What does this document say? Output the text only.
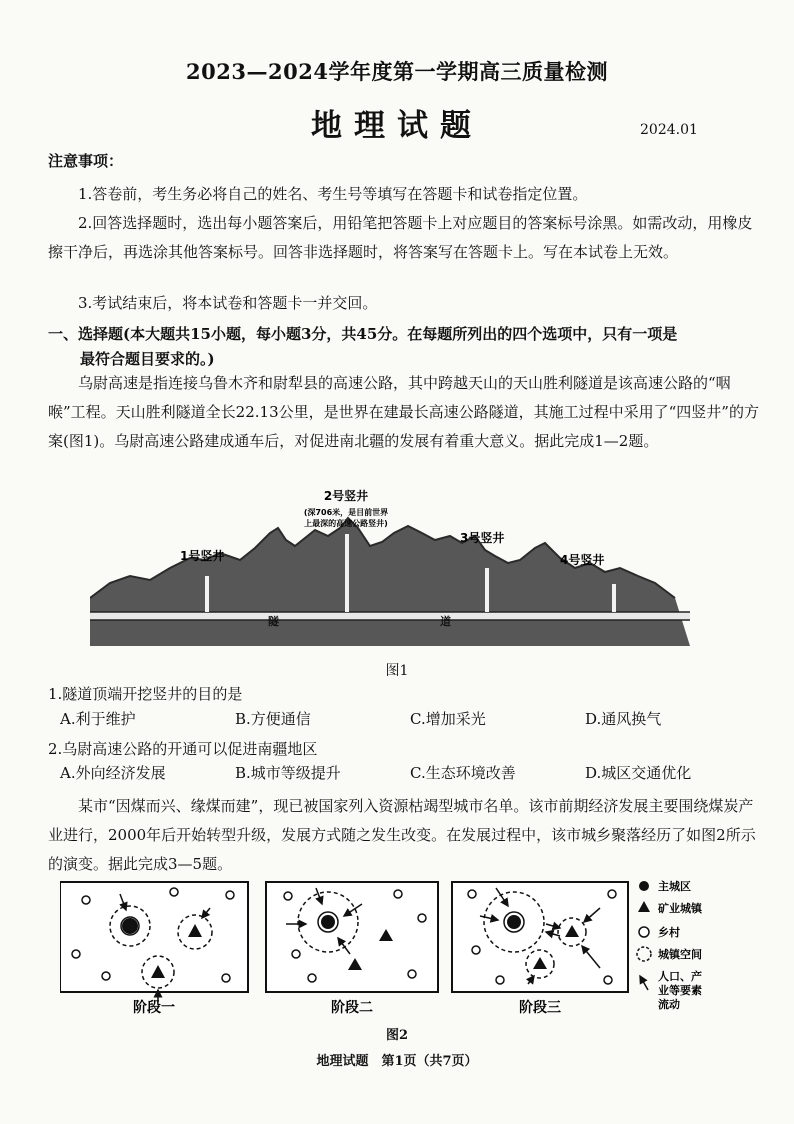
2023—2024学年度第一学期高三质量检测
地理试题	2024.01
注意事项：
1.答卷前，考生务必将自己的姓名、考生号等填写在答题卡和试卷指定位置。
2.回答选择题时，选出每小题答案后，用铅笔把答题卡上对应题目的答案标号涂黑。如需改动，用橡皮擦干净后，再选涂其他答案标号。回答非选择题时，将答案写在答题卡上。写在本试卷上无效。
3.考试结束后，将本试卷和答题卡一并交回。
一、选择题(本大题共15小题，每小题3分，共45分。在每题所列出的四个选项中，只有一项是
最符合题目要求的。)
乌尉高速是指连接乌鲁木齐和尉犁县的高速公路，其中跨越天山的天山胜利隧道是该高速公路的“咽喉”工程。天山胜利隧道全长22.13公里，是世界在建最长高速公路隧道，其施工过程中采用了“四竖井”的方案(图1)。乌尉高速公路建成通车后，对促进南北疆的发展有着重大意义。据此完成1—2题。
1号竖井
2号竖井
(深706米，是目前世界
上最深的高速公路竖井)
3号竖井
4号竖井
隧	道
图1
1.隧道顶端开挖竖井的目的是
A.利于维护	B.方便通信	C.增加采光	D.通风换气
2.乌尉高速公路的开通可以促进南疆地区
A.外向经济发展	B.城市等级提升	C.生态环境改善	D.城区交通优化
某市“因煤而兴、缘煤而建”，现已被国家列入资源枯竭型城市名单。该市前期经济发展主要围绕煤炭产业进行，2000年后开始转型升级，发展方式随之发生改变。在发展过程中，该市城乡聚落经历了如图2所示的演变。据此完成3—5题。
主城区
矿业城镇
乡村
城镇空间
人口、产
业等要素
流动
阶段一	阶段二	阶段三
图2
地理试题　第1页（共7页）
